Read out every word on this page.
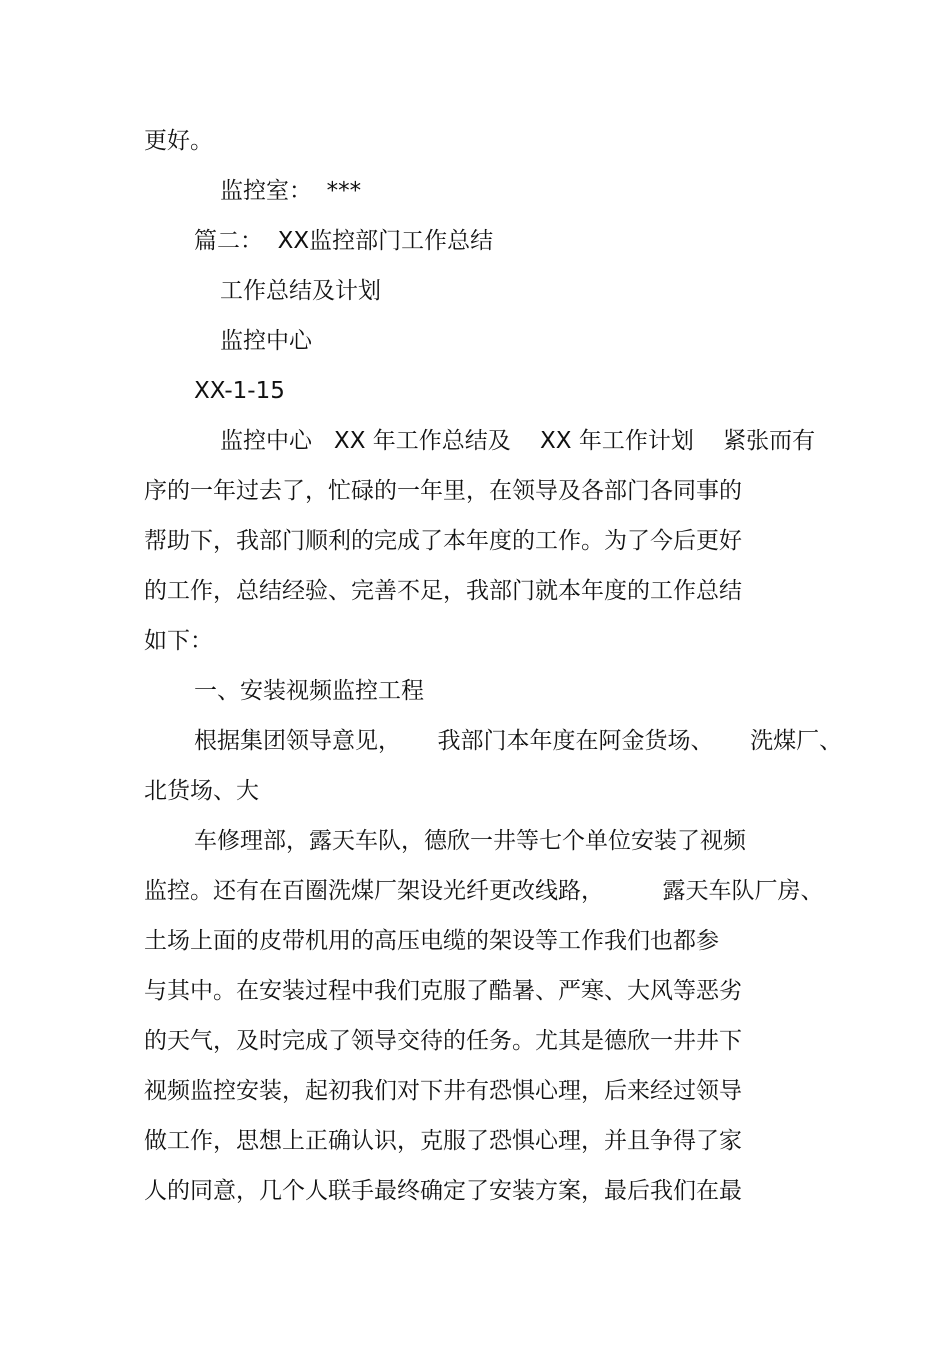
更好。
监控室：  ***
篇二：  XX监控部门工作总结
工作总结及计划
监控中心
XX-1-15
监控中心   XX 年工作总结及    XX 年工作计划    紧张而有
序的一年过去了，忙碌的一年里，在领导及各部门各同事的
帮助下，我部门顺利的完成了本年度的工作。为了今后更好
的工作，总结经验、完善不足，我部门就本年度的工作总结
如下：
一、安装视频监控工程
根据集团领导意见，     我部门本年度在阿金货场、     洗煤厂、
北货场、大
车修理部，露天车队，德欣一井等七个单位安装了视频
监控。还有在百圈洗煤厂架设光纤更改线路，        露天车队厂房、
土场上面的皮带机用的高压电缆的架设等工作我们也都参
与其中。在安装过程中我们克服了酷暑、严寒、大风等恶劣
的天气，及时完成了领导交待的任务。尤其是德欣一井井下
视频监控安装，起初我们对下井有恐惧心理，后来经过领导
做工作，思想上正确认识，克服了恐惧心理，并且争得了家
人的同意，几个人联手最终确定了安装方案，最后我们在最
